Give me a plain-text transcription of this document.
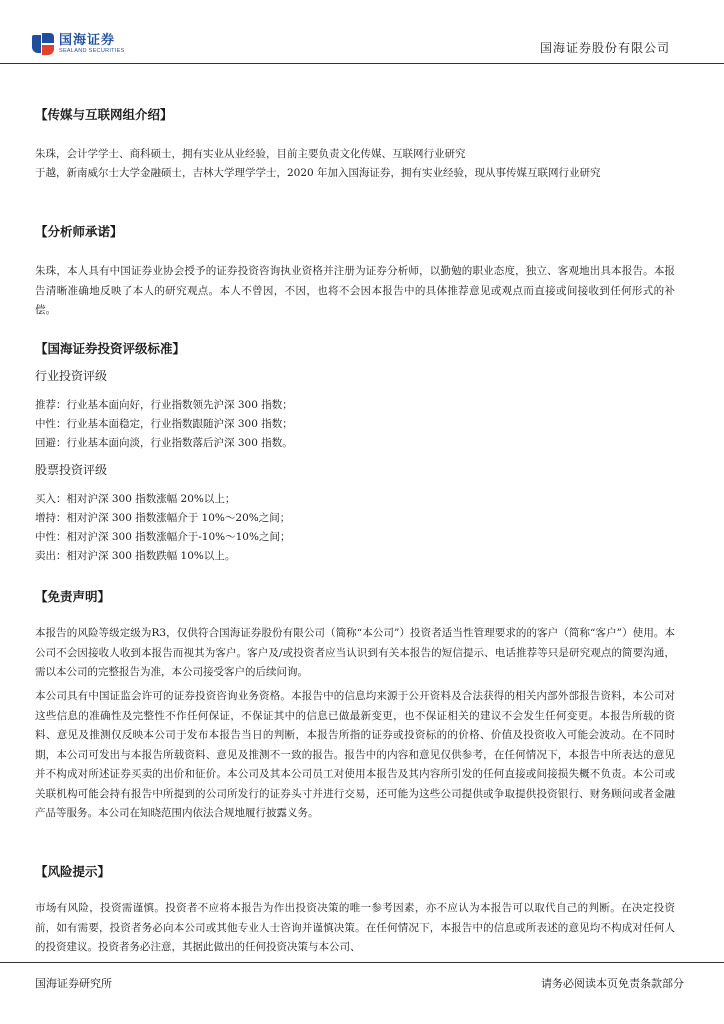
国海证券
SEALAND SECURITIES	国海证券股份有限公司
【传媒与互联网组介绍】
朱珠，会计学学士、商科硕士，拥有实业从业经验，目前主要负责文化传媒、互联网行业研究
于越，新南威尔士大学金融硕士，吉林大学理学学士，2020 年加入国海证券，拥有实业经验，现从事传媒互联网行业研究
【分析师承诺】
朱珠，本人具有中国证券业协会授予的证券投资咨询执业资格并注册为证券分析师，以勤勉的职业态度，独立、客观地出具本报告。本报告清晰准确地反映了本人的研究观点。本人不曾因，不因，也将不会因本报告中的具体推荐意见或观点而直接或间接收到任何形式的补偿。
【国海证券投资评级标准】
行业投资评级
推荐：行业基本面向好，行业指数领先沪深 300 指数；
中性：行业基本面稳定，行业指数跟随沪深 300 指数；
回避：行业基本面向淡，行业指数落后沪深 300 指数。
股票投资评级
买入：相对沪深 300 指数涨幅 20%以上；
增持：相对沪深 300 指数涨幅介于 10%～20%之间；
中性：相对沪深 300 指数涨幅介于-10%～10%之间；
卖出：相对沪深 300 指数跌幅 10%以上。
【免责声明】
本报告的风险等级定级为R3，仅供符合国海证券股份有限公司（简称“本公司”）投资者适当性管理要求的的客户（简称“客户”）使用。本公司不会因接收人收到本报告而视其为客户。客户及/或投资者应当认识到有关本报告的短信提示、电话推荐等只是研究观点的简要沟通，需以本公司的完整报告为准，本公司接受客户的后续问询。
本公司具有中国证监会许可的证券投资咨询业务资格。本报告中的信息均来源于公开资料及合法获得的相关内部外部报告资料，本公司对这些信息的准确性及完整性不作任何保证，不保证其中的信息已做最新变更，也不保证相关的建议不会发生任何变更。本报告所载的资料、意见及推测仅反映本公司于发布本报告当日的判断，本报告所指的证券或投资标的的价格、价值及投资收入可能会波动。在不同时期，本公司可发出与本报告所载资料、意见及推测不一致的报告。报告中的内容和意见仅供参考，在任何情况下，本报告中所表达的意见并不构成对所述证券买卖的出价和征价。本公司及其本公司员工对使用本报告及其内容所引发的任何直接或间接损失概不负责。本公司或关联机构可能会持有报告中所提到的公司所发行的证券头寸并进行交易，还可能为这些公司提供或争取提供投资银行、财务顾问或者金融产品等服务。本公司在知晓范围内依法合规地履行披露义务。
【风险提示】
市场有风险，投资需谨慎。投资者不应将本报告为作出投资决策的唯一参考因素，亦不应认为本报告可以取代自己的判断。在决定投资前，如有需要，投资者务必向本公司或其他专业人士咨询并谨慎决策。在任何情况下，本报告中的信息或所表述的意见均不构成对任何人的投资建议。投资者务必注意，其据此做出的任何投资决策与本公司、
国海证券研究所	请务必阅读本页免责条款部分
